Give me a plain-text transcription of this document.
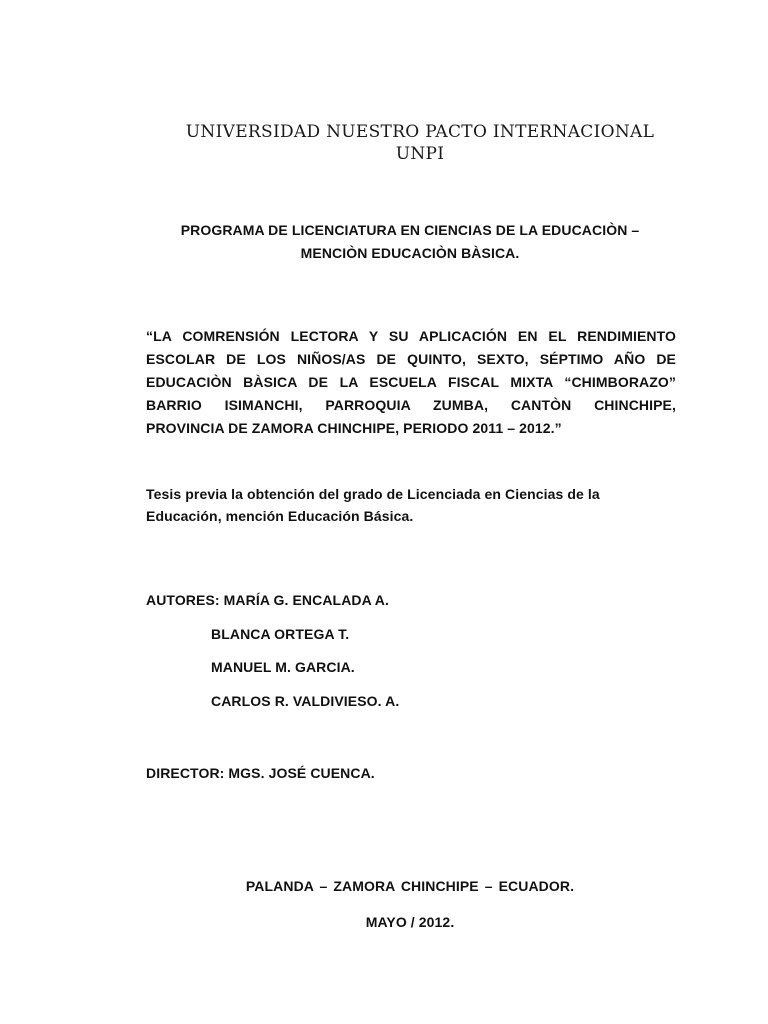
UNIVERSIDAD NUESTRO PACTO INTERNACIONAL
UNPI
PROGRAMA DE LICENCIATURA EN CIENCIAS DE LA EDUCACIÒN –
MENCIÒN EDUCACIÒN BÀSICA.
“LA COMRENSIÓN LECTORA Y SU APLICACIÓN EN EL RENDIMIENTO
ESCOLAR DE LOS NIÑOS/AS DE QUINTO, SEXTO, SÉPTIMO AÑO DE
EDUCACIÒN BÀSICA DE LA ESCUELA FISCAL MIXTA “CHIMBORAZO”
BARRIO ISIMANCHI, PARROQUIA ZUMBA, CANTÒN CHINCHIPE,
PROVINCIA DE ZAMORA CHINCHIPE, PERIODO 2011 – 2012.”
Tesis previa la obtención del grado de Licenciada en Ciencias de la
Educación, mención Educación Básica.
AUTORES: MARÍA G. ENCALADA A.
BLANCA ORTEGA T.
MANUEL M. GARCIA.
CARLOS R. VALDIVIESO. A.
DIRECTOR: MGS. JOSÉ CUENCA.
PALANDA – ZAMORA CHINCHIPE – ECUADOR.
MAYO / 2012.
